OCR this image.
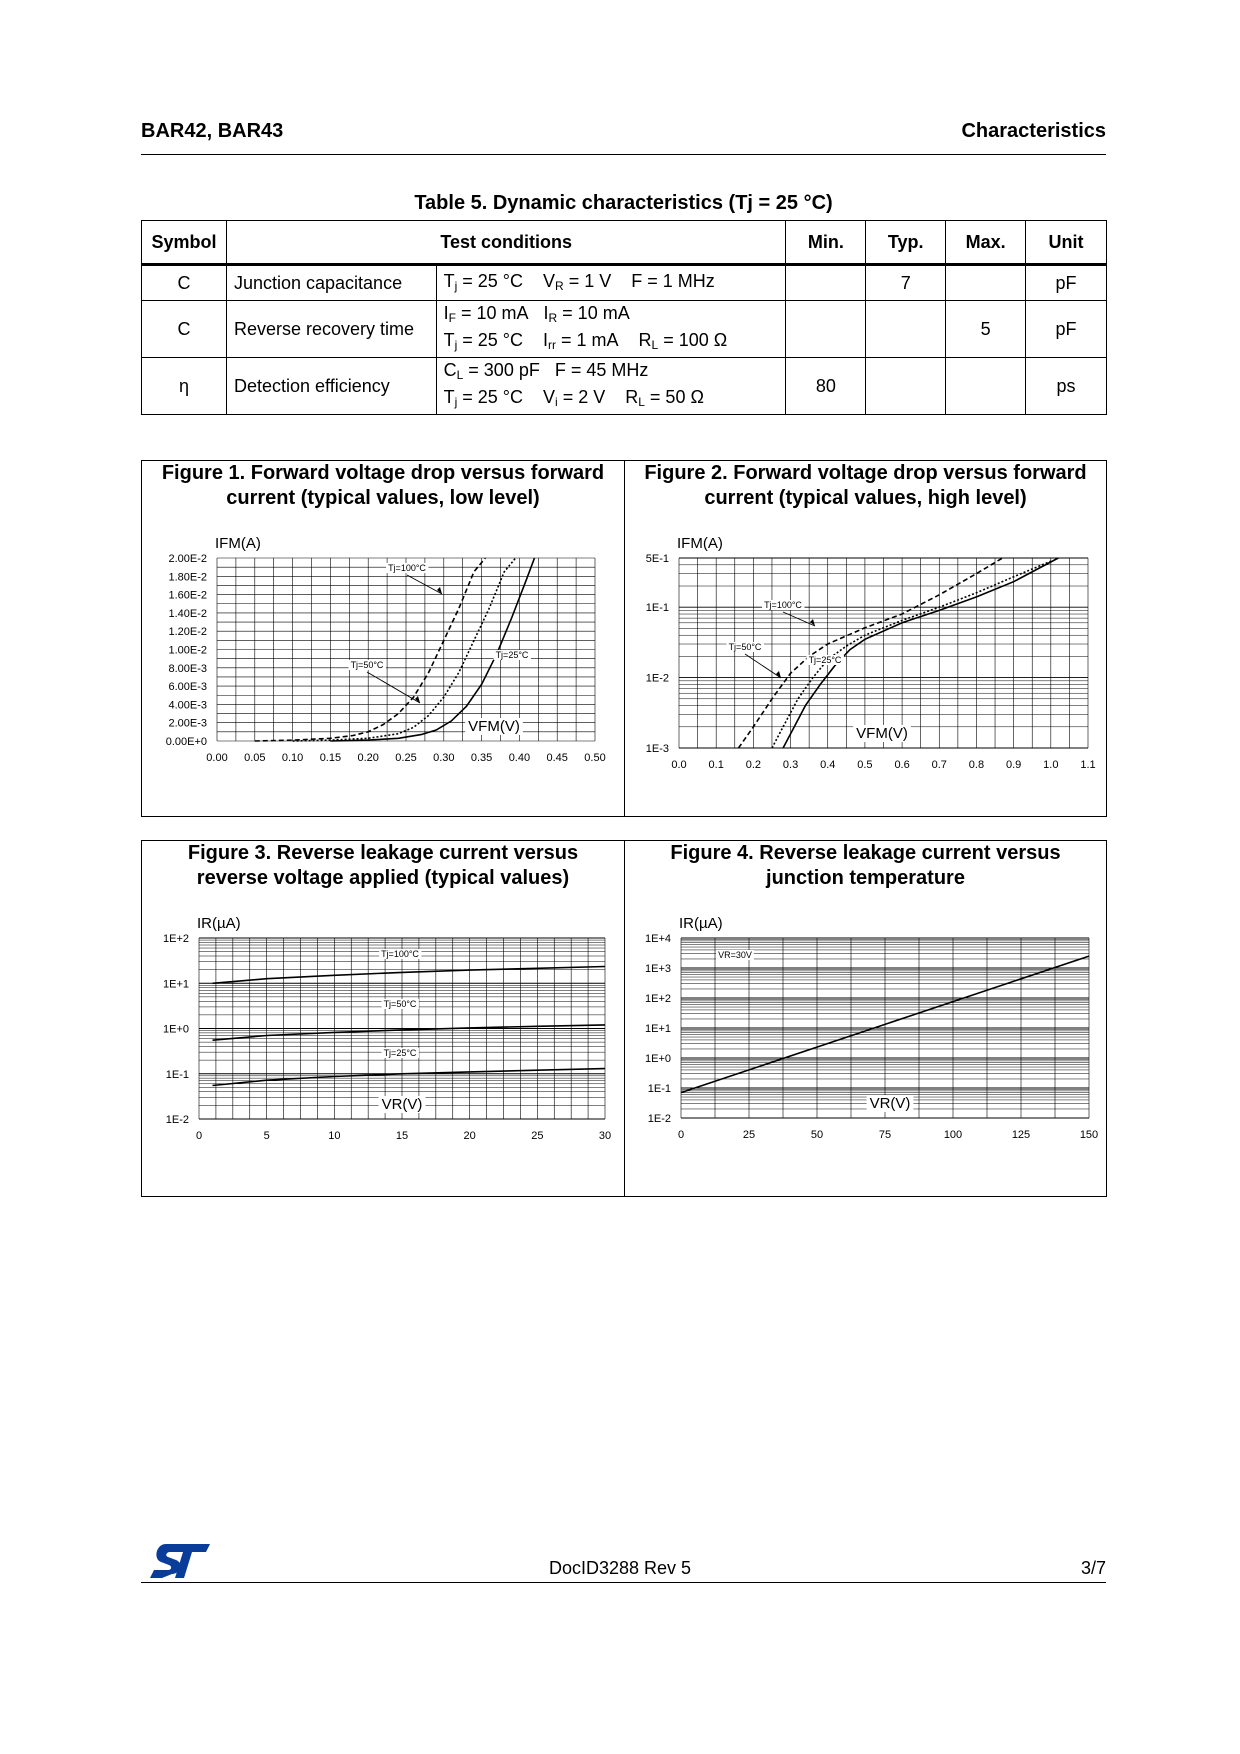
BAR42, BAR43	Characteristics
Table 5. Dynamic characteristics (Tj = 25 °C)
Symbol	Test conditions		Min.	Typ.	Max.	Unit
C	Junction capacitance	$T_j = 25$ °C    $V_R = 1$ V    F = 1 MHz		7		pF
C	Reverse recovery time	$I_F = 10$ mA   $I_R = 10$ mA
$T_j = 25$ °C    $I_{rr} = 1$ mA    $R_L = 100$ Ω			5	pF
η	Detection efficiency	$C_L = 300$ pF   F = 45 MHz
$T_j = 25$ °C    $V_i = 2$ V    $R_L = 50$ Ω	80			ps
Figure 1. Forward voltage drop versus forward
current (typical values, low level)
0.00E+0
2.00E-3
4.00E-3
6.00E-3
8.00E-3
1.00E-2
1.20E-2
1.40E-2
1.60E-2
1.80E-2
2.00E-2
0.00 0.05 0.10 0.15 0.20 0.25 0.30 0.35 0.40 0.45 0.50
IFM(A)
VFM(V)
Tj=100°C
Tj=50°C
Tj=25°C
Figure 2. Forward voltage drop versus forward
current (typical values, high level)
1E-3
1E-2
1E-1
5E-1
0.0 0.1 0.2 0.3 0.4 0.5 0.6 0.7 0.8 0.9 1.0 1.1
IFM(A)
VFM(V)
Tj=100°C
Tj=50°C
Tj=25°C
Figure 3. Reverse leakage current versus
reverse voltage applied (typical values)
1E-2
1E-1
1E+0
1E+1
1E+2
0	5	10	15	20	25	30
IR(µA)
VR(V)
Tj=100°C
Tj=50°C
Tj=25°C
Figure 4. Reverse leakage current versus
junction temperature
1E-2
1E-1
1E+0
1E+1
1E+2
1E+3
1E+4
0	25	50	75	100	125	150
IR(µA)
VR(V)
VR=30V
DocID3288 Rev 5	3/7
